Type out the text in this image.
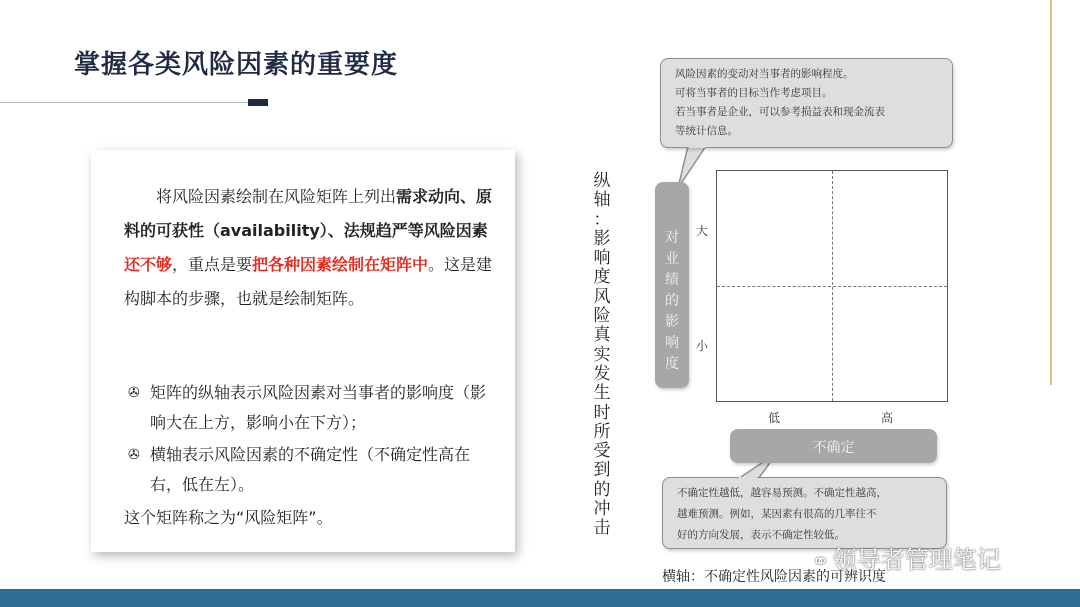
掌握各类风险因素的重要度
将风险因素绘制在风险矩阵上列出需求动向、原料的可获性（availability）、法规趋严等风险因素还不够，重点是要把各种因素绘制在矩阵中。这是建构脚本的步骤，也就是绘制矩阵。
✇ 矩阵的纵轴表示风险因素对当事者的影响度（影响大在上方，影响小在下方）；
✇ 横轴表示风险因素的不确定性（不确定性高在右，低在左）。
这个矩阵称之为“风险矩阵”。
纵
轴
：
影
响
度
风
险
真
实
发
生
时
所
受
到
的
冲
击
风险因素的变动对当事者的影响程度。
可将当事者的目标当作考虑项目。
若当事者是企业，可以参考损益表和现金流表
等统计信息。
不确定性越低，越容易预测。不确定性越高，
越难预测。例如，某因素有很高的几率往不
好的方向发展，表示不确定性较低。
对
业
绩
的
影
响
度
不确定
大
小
低	高
横轴：不确定性风险因素的可辨识度
⚭ 领导者管理笔记
